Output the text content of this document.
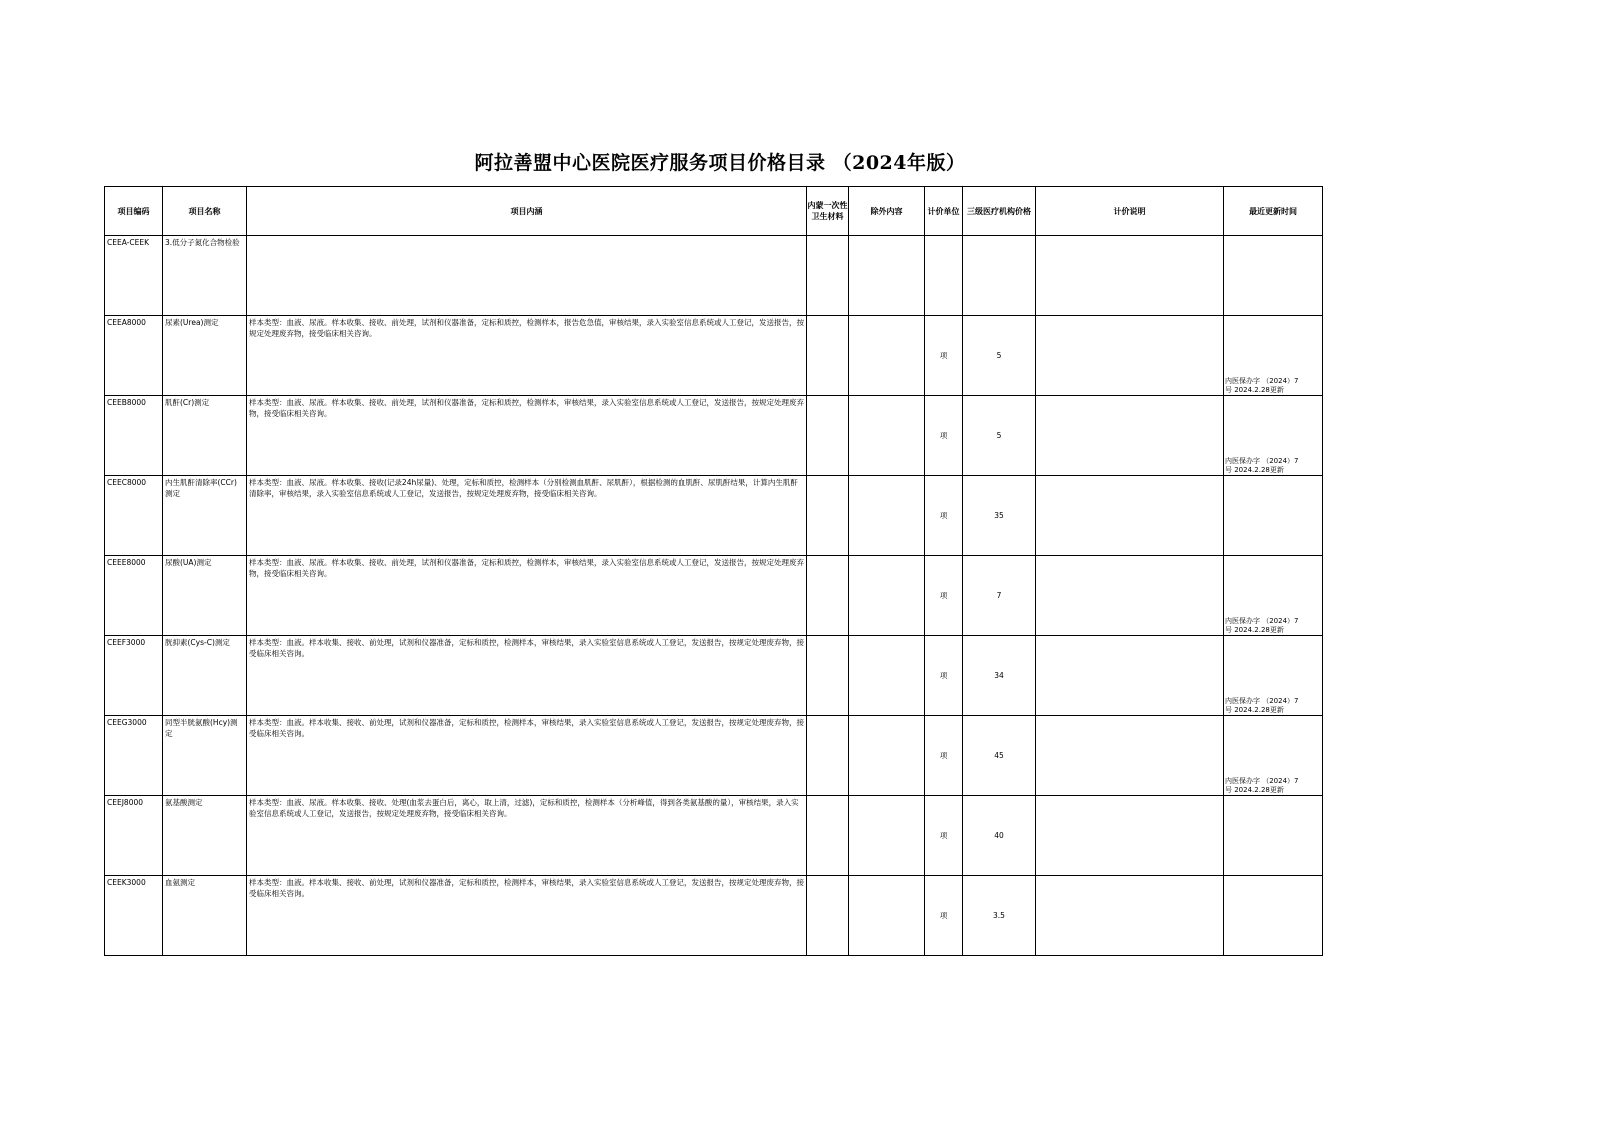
阿拉善盟中心医院医疗服务项目价格目录 （2024年版）
项目编码	项目名称	项目内涵	内蒙一次性卫生材料	除外内容	计价单位	三级医疗机构价格	计价说明	最近更新时间
CEEA-CEEK	3.低分子氮化合物检验							

CEEA8000	尿素(Urea)测定	样本类型：血液、尿液。样本收集、接收、前处理，试剂和仪器准备，定标和质控，检测样本，报告危急值，审核结果，录入实验室信息系统或人工登记，发送报告，按规定处理废弃物，接受临床相关咨询。			项	5		内医保办字 （2024）7
号 2024.2.28更新

CEEB8000	肌酐(Cr)测定	样本类型：血液、尿液。样本收集、接收、前处理，试剂和仪器准备，定标和质控，检测样本，审核结果，录入实验室信息系统或人工登记，发送报告，按规定处理废弃物，接受临床相关咨询。			项	5		内医保办字 （2024）7
号 2024.2.28更新

CEEC8000	内生肌酐清除率(CCr)测定	样本类型：血液、尿液。样本收集、接收(记录24h尿量)、处理，定标和质控，检测样本（分别检测血肌酐、尿肌酐），根据检测的血肌酐、尿肌酐结果，计算内生肌酐清除率，审核结果，录入实验室信息系统或人工登记，发送报告，按规定处理废弃物，接受临床相关咨询。			项	35		

CEEE8000	尿酸(UA)测定	样本类型：血液、尿液。样本收集、接收、前处理，试剂和仪器准备，定标和质控，检测样本，审核结果，录入实验室信息系统或人工登记，发送报告，按规定处理废弃物，接受临床相关咨询。			项	7		内医保办字 （2024）7
号 2024.2.28更新

CEEF3000	胱抑素(Cys-C)测定	样本类型：血液。样本收集、接收、前处理，试剂和仪器准备，定标和质控，检测样本，审核结果，录入实验室信息系统或人工登记，发送报告，按规定处理废弃物，接受临床相关咨询。			项	34		内医保办字 （2024）7
号 2024.2.28更新

CEEG3000	同型半胱氨酸(Hcy)测定	样本类型：血液。样本收集、接收、前处理，试剂和仪器准备，定标和质控，检测样本，审核结果，录入实验室信息系统或人工登记，发送报告，按规定处理废弃物，接受临床相关咨询。			项	45		内医保办字 （2024）7
号 2024.2.28更新

CEEJ8000	氨基酸测定	样本类型：血液、尿液。样本收集、接收、处理(血浆去蛋白后，离心，取上清，过滤)，定标和质控，检测样本（分析峰值，得到各类氨基酸的量），审核结果，录入实验室信息系统或人工登记，发送报告，按规定处理废弃物，接受临床相关咨询。			项	40		

CEEK3000	血氨测定	样本类型：血液。样本收集、接收、前处理，试剂和仪器准备，定标和质控，检测样本，审核结果，录入实验室信息系统或人工登记，发送报告，按规定处理废弃物，接受临床相关咨询。			项	3.5		
